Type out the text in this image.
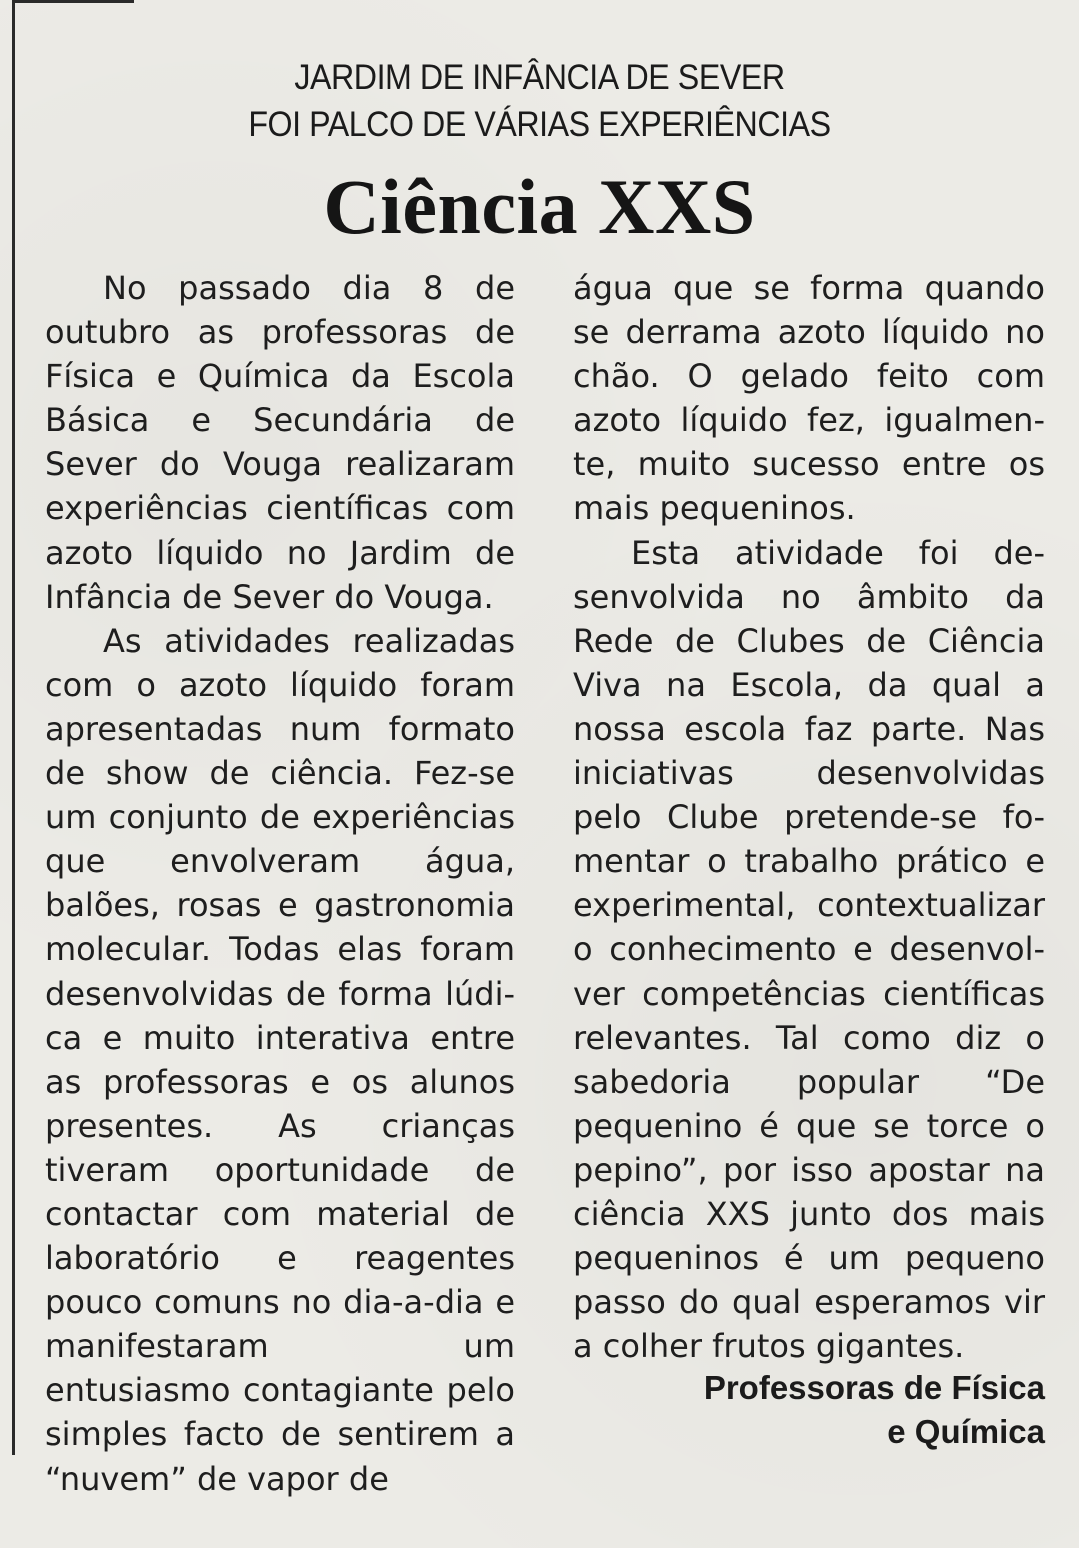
JARDIM DE INFÂNCIA DE SEVER
FOI PALCO DE VÁRIAS EXPERIÊNCIAS
Ciência XXS

No passado dia 8 de outubro as professoras de Física e Química da Escola Básica e Secundária de Sever do Vouga realizaram experiências científicas com azoto líquido no Jardim de Infância de Sever do Vouga.

As atividades realizadas com o azoto líquido foram apresentadas num formato de show de ciência. Fez-se um conjunto de experiências que envolveram água, balões, rosas e gastronomia molecular. Todas elas foram desenvolvidas de forma lúdica e muito interativa entre as professoras e os alunos presentes. As crianças tiveram oportunidade de contactar com material de laboratório e reagentes pouco comuns no dia-a-dia e manifestaram um entusiasmo contagiante pelo simples facto de sentirem a “nuvem” de vapor de

água que se forma quando se derrama azoto líquido no chão. O gelado feito com azoto líquido fez, igualmente, muito sucesso entre os mais pequeninos.

Esta atividade foi desenvolvida no âmbito da Rede de Clubes de Ciência Viva na Escola, da qual a nossa escola faz parte. Nas iniciativas desenvolvidas pelo Clube pretende-se fomentar o trabalho prático e experimental, contextualizar o conhecimento e desenvolver competências científicas relevantes. Tal como diz o sabedoria popular “De pequenino é que se torce o pepino”, por isso apostar na ciência XXS junto dos mais pequeninos é um pequeno passo do qual esperamos vir a colher frutos gigantes.

Professoras de Física
e Química
